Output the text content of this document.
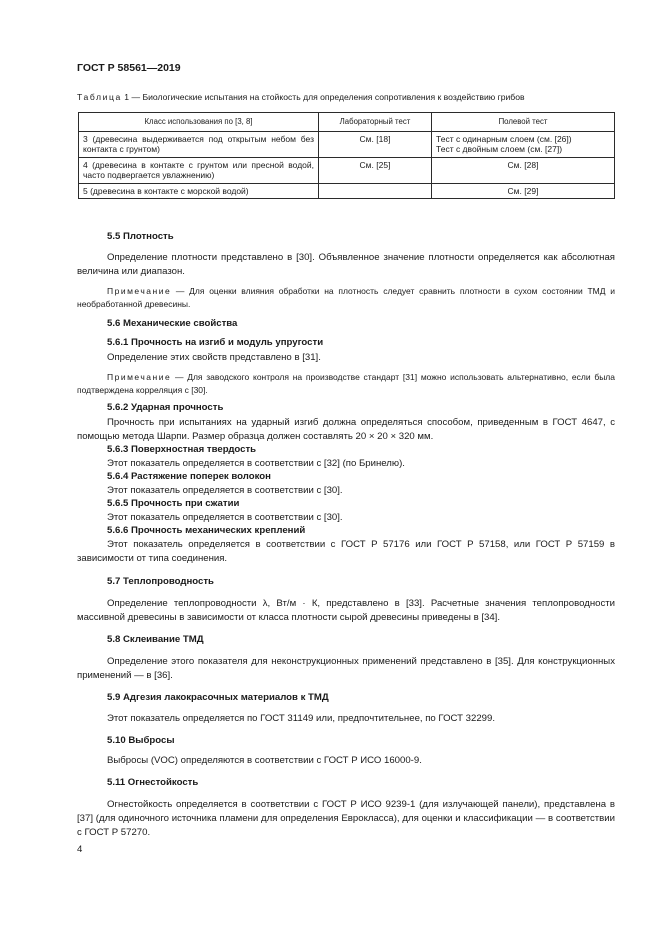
ГОСТ Р 58561—2019
Таблица 1 — Биологические испытания на стойкость для определения сопротивления к воздействию грибов
Класс использования по [3, 8]	Лабораторный тест	Полевой тест
3 (древесина выдерживается под открытым небом без контакта с грунтом)	См. [18]	Тест с одинарным слоем (см. [26])
Тест с двойным слоем (см. [27])
4 (древесина в контакте с грунтом или пресной водой, часто подвергается увлажнению)	См. [25]	См. [28]
5 (древесина в контакте с морской водой)		См. [29]
5.5 Плотность
Определение плотности представлено в [30]. Объявленное значение плотности определяется как абсолютная величина или диапазон.
Примечание — Для оценки влияния обработки на плотность следует сравнить плотности в сухом состоянии ТМД и необработанной древесины.
5.6 Механические свойства
5.6.1 Прочность на изгиб и модуль упругости
Определение этих свойств представлено в [31].
Примечание — Для заводского контроля на производстве стандарт [31] можно использовать альтернативно, если была подтверждена корреляция с [30].
5.6.2 Ударная прочность
Прочность при испытаниях на ударный изгиб должна определяться способом, приведенным в ГОСТ 4647, с помощью метода Шарпи. Размер образца должен составлять 20 × 20 × 320 мм.
5.6.3 Поверхностная твердость
Этот показатель определяется в соответствии с [32] (по Бринелю).
5.6.4 Растяжение поперек волокон
Этот показатель определяется в соответствии с [30].
5.6.5 Прочность при сжатии
Этот показатель определяется в соответствии с [30].
5.6.6 Прочность механических креплений
Этот показатель определяется в соответствии с ГОСТ Р 57176 или ГОСТ Р 57158, или ГОСТ Р 57159 в зависимости от типа соединения.
5.7 Теплопроводность
Определение теплопроводности λ, Вт/м · К, представлено в [33]. Расчетные значения теплопроводности массивной древесины в зависимости от класса плотности сырой древесины приведены в [34].
5.8 Склеивание ТМД
Определение этого показателя для неконструкционных применений представлено в [35]. Для конструкционных применений — в [36].
5.9 Адгезия лакокрасочных материалов к ТМД
Этот показатель определяется по ГОСТ 31149 или, предпочтительнее, по ГОСТ 32299.
5.10 Выбросы
Выбросы (VOC) определяются в соответствии с ГОСТ Р ИСО 16000-9.
5.11 Огнестойкость
Огнестойкость определяется в соответствии с ГОСТ Р ИСО 9239-1 (для излучающей панели), представлена в [37] (для одиночного источника пламени для определения Еврокласса), для оценки и классификации — в соответствии с ГОСТ Р 57270.
4
